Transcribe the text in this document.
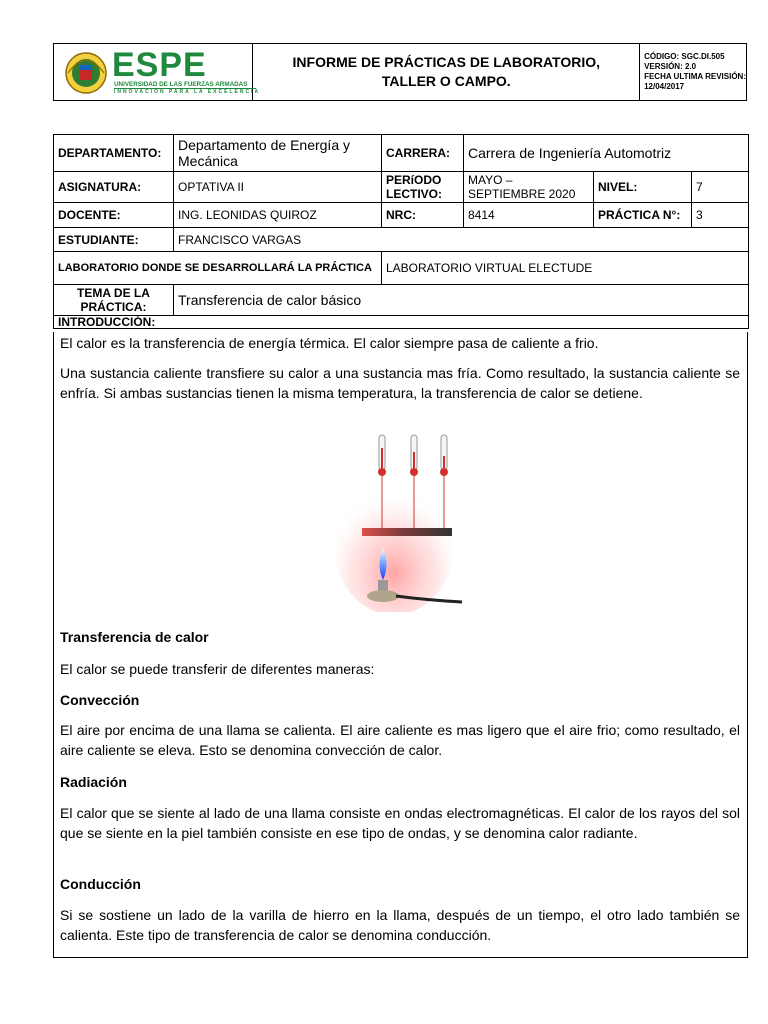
ESPE
UNIVERSIDAD DE LAS FUERZAS ARMADAS
INNOVACIÓN PARA LA EXCELENCIA
INFORME DE PRÁCTICAS DE LABORATORIO,
TALLER O CAMPO.
CÓDIGO: SGC.DI.505
VERSIÓN: 2.0
FECHA ULTIMA REVISIÓN:
12/04/2017
DEPARTAMENTO:	Departamento de Energía y Mecánica	CARRERA:	Carrera de Ingeniería Automotriz		
ASIGNATURA:	OPTATIVA II	PERíODO LECTIVO:	MAYO – SEPTIEMBRE 2020	NIVEL:	7
DOCENTE:	ING. LEONIDAS QUIROZ	NRC:	8414	PRÁCTICA N°:	3
ESTUDIANTE:	FRANCISCO VARGAS				
LABORATORIO DONDE SE DESARROLLARÁ LA PRÁCTICA		LABORATORIO VIRTUAL ELECTUDE			
TEMA DE LA PRÁCTICA:	Transferencia de calor básico				
INTRODUCCIÓN:					
El calor es la transferencia de energía térmica. El calor siempre pasa de caliente a frio.
Una sustancia caliente transfiere su calor a una sustancia mas fría. Como resultado, la sustancia caliente se enfría. Si ambas sustancias tienen la misma temperatura, la transferencia de calor se detiene.
Transferencia de calor
El calor se puede transferir de diferentes maneras:
Convección
El aire por encima de una llama se calienta. El aire caliente es mas ligero que el aire frio; como resultado, el aire caliente se eleva. Esto se denomina convección de calor.
Radiación
El calor que se siente al lado de una llama consiste en ondas electromagnéticas. El calor de los rayos del sol que se siente en la piel también consiste en ese tipo de ondas, y se denomina calor radiante.
Conducción
Si se sostiene un lado de la varilla de hierro en la llama, después de un tiempo, el otro lado también se calienta. Este tipo de transferencia de calor se denomina conducción.
